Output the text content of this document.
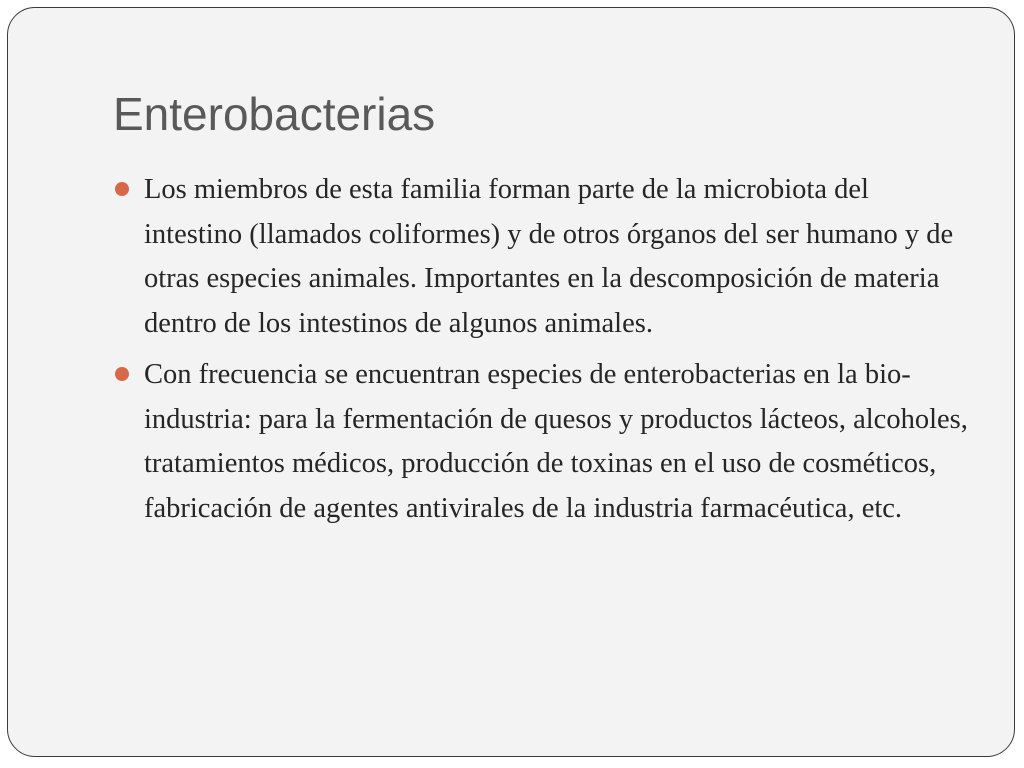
Enterobacterias
Los miembros de esta familia forman parte de la microbiota del intestino (llamados coliformes) y de otros órganos del ser humano y de otras especies animales. Importantes en la descomposición de materia dentro de los intestinos de algunos animales.
Con frecuencia se encuentran especies de enterobacterias en la bio-industria: para la fermentación de quesos y productos lácteos, alcoholes, tratamientos médicos, producción de toxinas en el uso de cosméticos, fabricación de agentes antivirales de la industria farmacéutica, etc.
